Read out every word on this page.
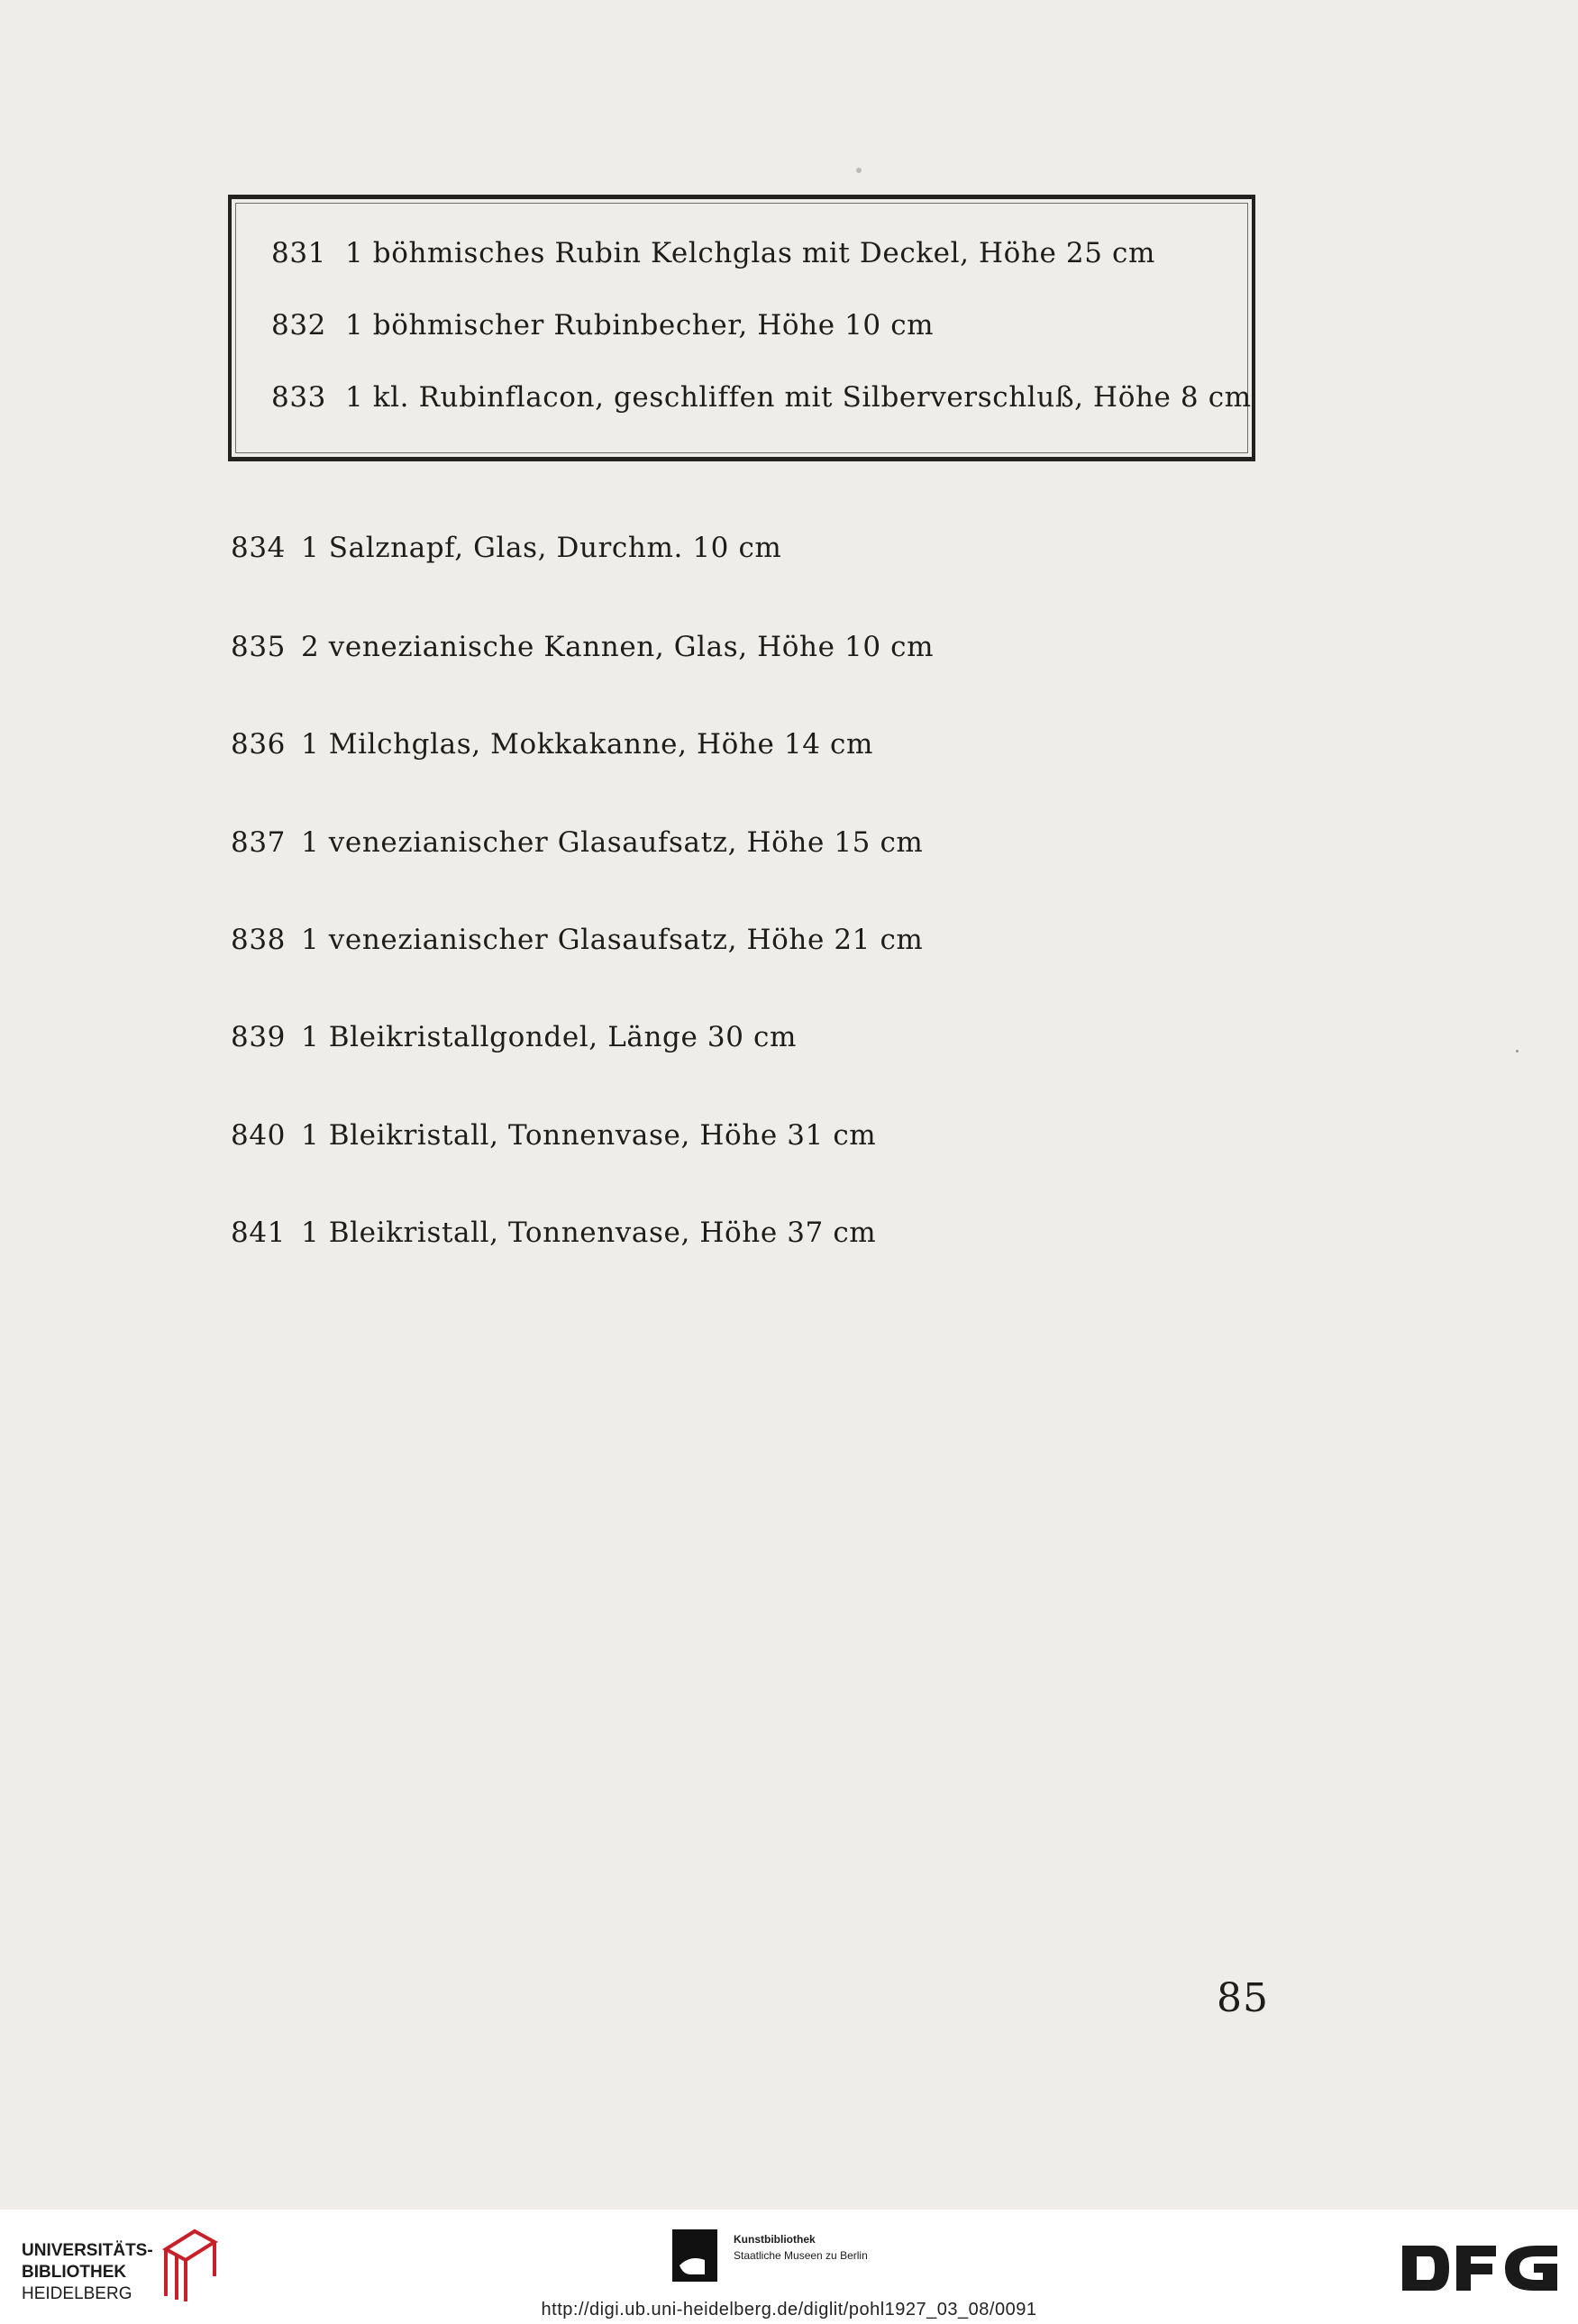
831 1 böhmisches Rubin Kelchglas mit Deckel, Höhe 25 cm
832 1 böhmischer Rubinbecher, Höhe 10 cm
833 1 kl. Rubinflacon, geschliffen mit Silberverschluß, Höhe 8 cm
834 1 Salznapf, Glas, Durchm. 10 cm
835 2 venezianische Kannen, Glas, Höhe 10 cm
836 1 Milchglas, Mokkakanne, Höhe 14 cm
837 1 venezianischer Glasaufsatz, Höhe 15 cm
838 1 venezianischer Glasaufsatz, Höhe 21 cm
839 1 Bleikristallgondel, Länge 30 cm
840 1 Bleikristall, Tonnenvase, Höhe 31 cm
841 1 Bleikristall, Tonnenvase, Höhe 37 cm
85
UNIVERSITÄTS-
BIBLIOTHEK
HEIDELBERG
Kunstbibliothek
Staatliche Museen zu Berlin
http://digi.ub.uni-heidelberg.de/diglit/pohl1927_03_08/0091
